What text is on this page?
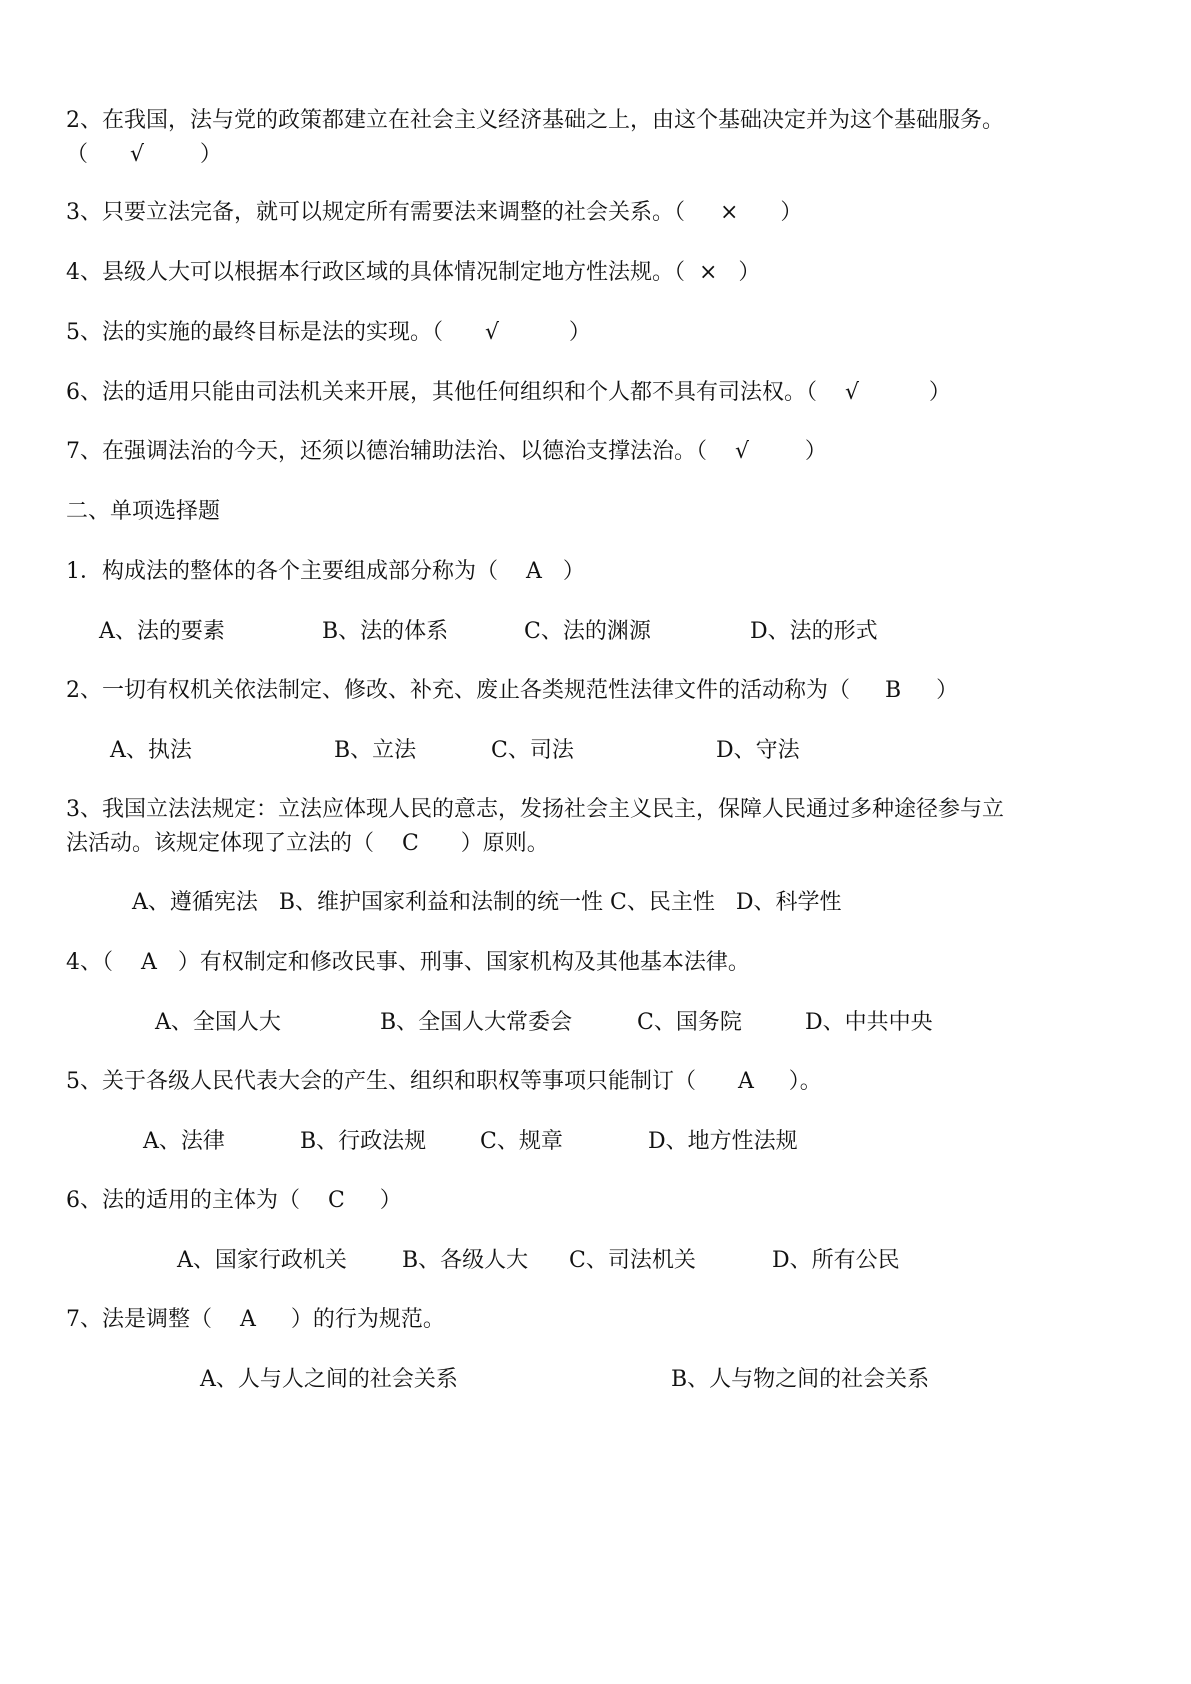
2、在我国，法与党的政策都建立在社会主义经济基础之上，由这个基础决定并为这个基础服务。
（      √        ）
3、只要立法完备，就可以规定所有需要法来调整的社会关系。（     ×      ）
4、县级人大可以根据本行政区域的具体情况制定地方性法规。（  ×   ）
5、法的实施的最终目标是法的实现。（      √          ）
6、法的适用只能由司法机关来开展，其他任何组织和个人都不具有司法权。（    √          ）
7、在强调法治的今天，还须以德治辅助法治、以德治支撑法治。（    √        ）
二、单项选择题
1．构成法的整体的各个主要组成部分称为（    A   ）
A、法的要素	B、法的体系	C、法的渊源	D、法的形式
2、一切有权机关依法制定、修改、补充、废止各类规范性法律文件的活动称为（     B     ）
A、执法	B、立法	C、司法	D、守法
3、我国立法法规定：立法应体现人民的意志，发扬社会主义民主，保障人民通过多种途径参与立
法活动。该规定体现了立法的（    C      ）原则。
A、遵循宪法   B、维护国家利益和法制的统一性 C、民主性   D、科学性
4、（    A   ）有权制定和修改民事、刑事、国家机构及其他基本法律。
A、全国人大	B、全国人大常委会	C、国务院	D、中共中央
5、关于各级人民代表大会的产生、组织和职权等事项只能制订（      A     ）。
A、法律	B、行政法规 C、规章	D、地方性法规
6、法的适用的主体为（    C     ）
A、国家行政机关	B、各级人大 C、司法机关	D、所有公民
7、法是调整（    A     ）的行为规范。
A、人与人之间的社会关系	B、人与物之间的社会关系
